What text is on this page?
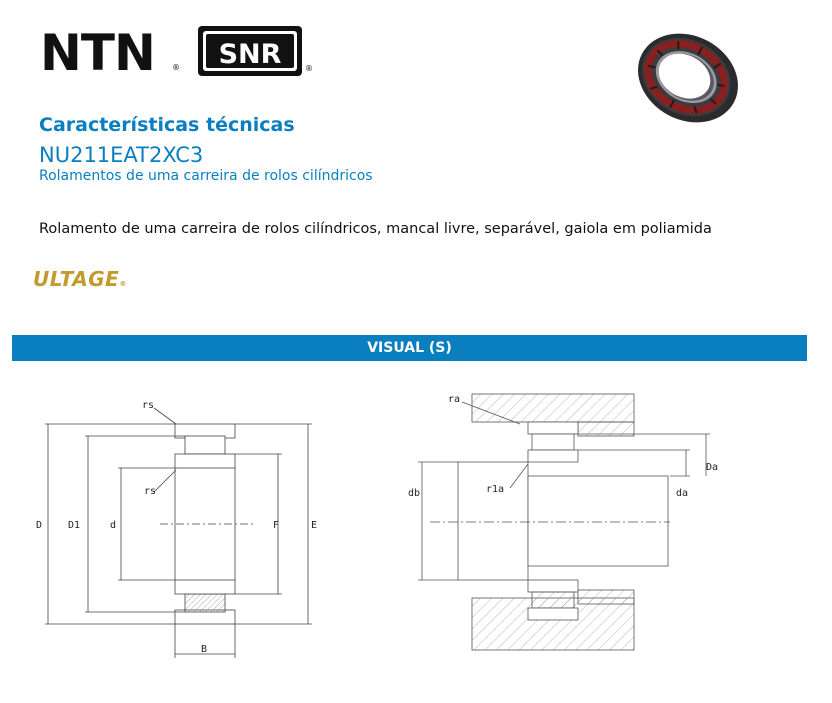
NTN ® SNR	®
Características técnicas
NU211EAT2XC3
Rolamentos de uma carreira de rolos cilíndricos
Rolamento de uma carreira de rolos cilíndricos, mancal livre, separável, gaiola em poliamida
ULTAGE®
VISUAL (S)
rs
rs
D	D1	d	F	E
B
ra
r1a
db	da
Da
